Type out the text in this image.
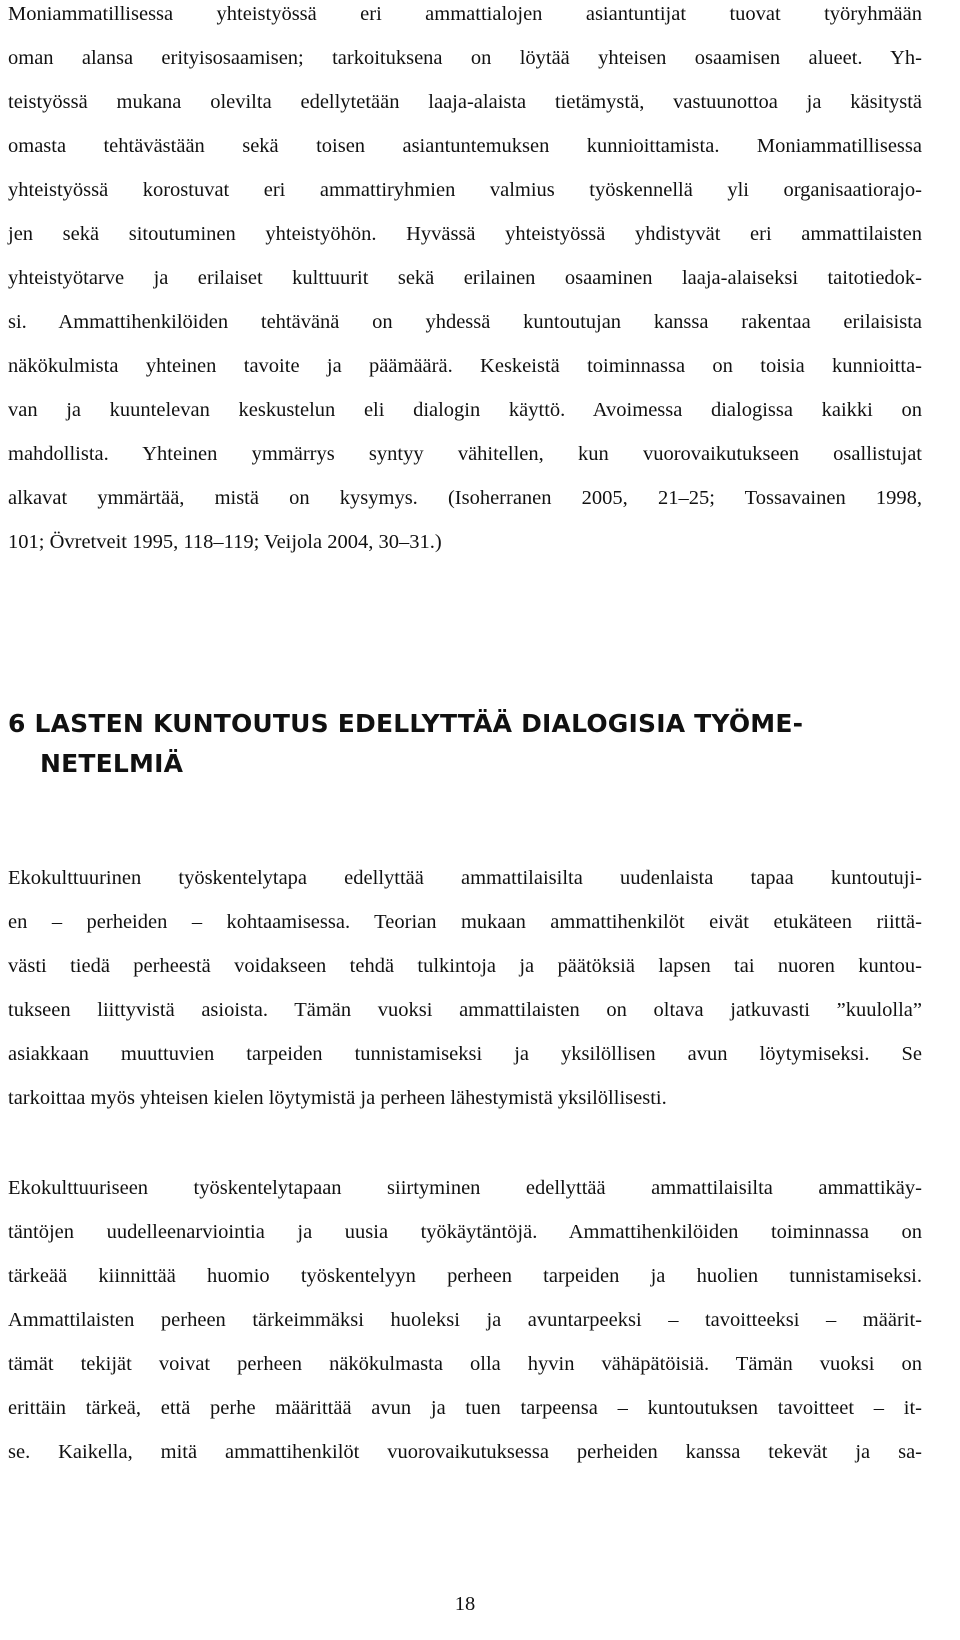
Moniammatillisessa yhteistyössä eri ammattialojen asiantuntijat tuovat työryhmään
oman alansa erityisosaamisen; tarkoituksena on löytää yhteisen osaamisen alueet. Yh-
teistyössä mukana olevilta edellytetään laaja-alaista tietämystä, vastuunottoa ja käsitystä
omasta tehtävästään sekä toisen asiantuntemuksen kunnioittamista. Moniammatillisessa
yhteistyössä korostuvat eri ammattiryhmien valmius työskennellä yli organisaatiorajo-
jen sekä sitoutuminen yhteistyöhön. Hyvässä yhteistyössä yhdistyvät eri ammattilaisten
yhteistyötarve ja erilaiset kulttuurit sekä erilainen osaaminen laaja-alaiseksi taitotiedok-
si. Ammattihenkilöiden tehtävänä on yhdessä kuntoutujan kanssa rakentaa erilaisista
näkökulmista yhteinen tavoite ja päämäärä. Keskeistä toiminnassa on toisia kunnioitta-
van ja kuuntelevan keskustelun eli dialogin käyttö. Avoimessa dialogissa kaikki on
mahdollista. Yhteinen ymmärrys syntyy vähitellen, kun vuorovaikutukseen osallistujat
alkavat ymmärtää, mistä on kysymys. (Isoherranen 2005, 21–25; Tossavainen 1998,
101; Övretveit 1995, 118–119; Veijola 2004, 30–31.)
6 LASTEN KUNTOUTUS EDELLYTTÄÄ DIALOGISIA TYÖME-
NETELMIÄ
Ekokulttuurinen työskentelytapa edellyttää ammattilaisilta uudenlaista tapaa kuntoutuji-
en – perheiden – kohtaamisessa. Teorian mukaan ammattihenkilöt eivät etukäteen riittä-
västi tiedä perheestä voidakseen tehdä tulkintoja ja päätöksiä lapsen tai nuoren kuntou-
tukseen liittyvistä asioista. Tämän vuoksi ammattilaisten on oltava jatkuvasti ”kuulolla”
asiakkaan muuttuvien tarpeiden tunnistamiseksi ja yksilöllisen avun löytymiseksi. Se
tarkoittaa myös yhteisen kielen löytymistä ja perheen lähestymistä yksilöllisesti.
Ekokulttuuriseen työskentelytapaan siirtyminen edellyttää ammattilaisilta ammattikäy-
täntöjen uudelleenarviointia ja uusia työkäytäntöjä. Ammattihenkilöiden toiminnassa on
tärkeää kiinnittää huomio työskentelyyn perheen tarpeiden ja huolien tunnistamiseksi.
Ammattilaisten perheen tärkeimmäksi huoleksi ja avuntarpeeksi – tavoitteeksi – määrit-
tämät tekijät voivat perheen näkökulmasta olla hyvin vähäpätöisiä. Tämän vuoksi on
erittäin tärkeä, että perhe määrittää avun ja tuen tarpeensa – kuntoutuksen tavoitteet – it-
se. Kaikella, mitä ammattihenkilöt vuorovaikutuksessa perheiden kanssa tekevät ja sa-
18
